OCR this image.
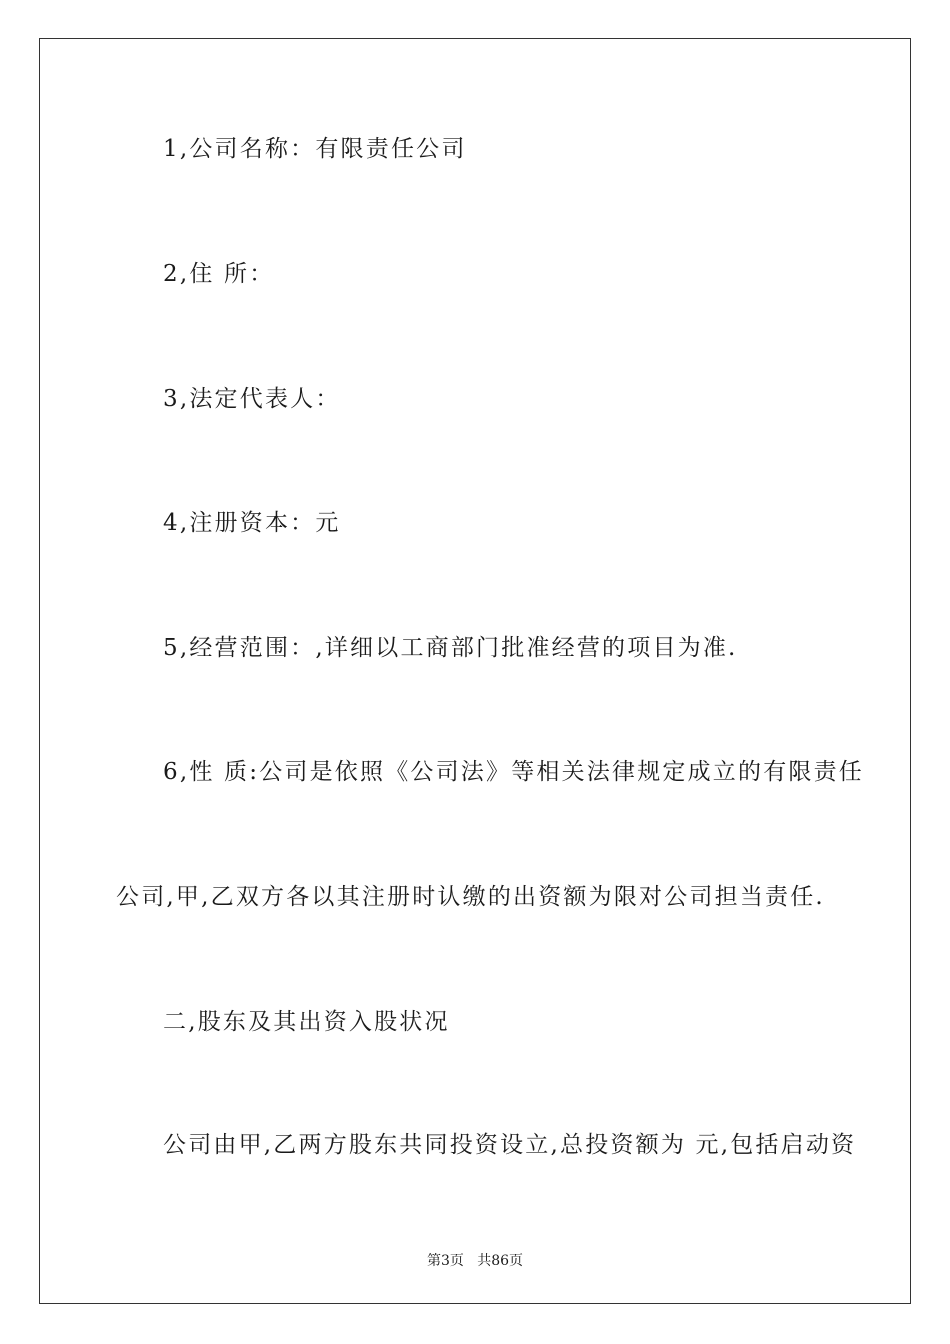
1,公司名称：有限责任公司
2,住 所：
3,法定代表人：
4,注册资本：元
5,经营范围：,详细以工商部门批准经营的项目为准.
6,性 质:公司是依照《公司法》等相关法律规定成立的有限责任
公司,甲,乙双方各以其注册时认缴的出资额为限对公司担当责任.
二,股东及其出资入股状况
公司由甲,乙两方股东共同投资设立,总投资额为 元,包括启动资
第3页   共86页
